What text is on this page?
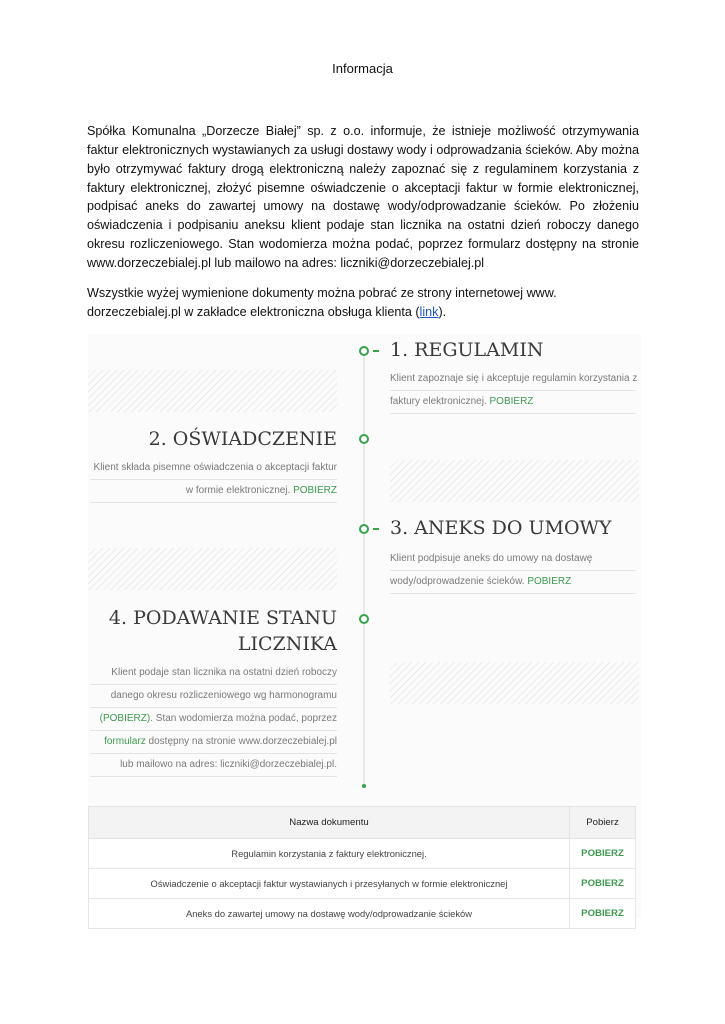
Informacja

Spółka Komunalna „Dorzecze Białej” sp. z o.o. informuje, że istnieje możliwość otrzymywania faktur elektronicznych wystawianych za usługi dostawy wody i odprowadzania ścieków. Aby można było otrzymywać faktury drogą elektroniczną należy zapoznać się z regulaminem korzystania z faktury elektronicznej, złożyć pisemne oświadczenie o akceptacji faktur w formie elektronicznej, podpisać aneks do zawartej umowy na dostawę wody/odprowadzanie ścieków. Po złożeniu oświadczenia i podpisaniu aneksu klient podaje stan licznika na ostatni dzień roboczy danego okresu rozliczeniowego. Stan wodomierza można podać, poprzez formularz dostępny na stronie www.dorzeczebialej.pl lub mailowo na adres: liczniki@dorzeczebialej.pl

Wszystkie wyżej wymienione dokumenty można pobrać ze strony internetowej www. dorzeczebialej.pl w zakładce elektroniczna obsługa klienta (link).

1. REGULAMIN
Klient zapoznaje się i akceptuje regulamin korzystania z
faktury elektronicznej. POBIERZ
2. OŚWIADCZENIE
Klient składa pisemne oświadczenia o akceptacji faktur
w formie elektronicznej. POBIERZ
3. ANEKS DO UMOWY
Klient podpisuje aneks do umowy na dostawę
wody/odprowadzenie ścieków. POBIERZ
4. PODAWANIE STANU
LICZNIKA
Klient podaje stan licznika na ostatni dzień roboczy
danego okresu rozliczeniowego wg harmonogramu
(POBIERZ). Stan wodomierza można podać, poprzez
formularz dostępny na stronie www.dorzeczebialej.pl
lub mailowo na adres: liczniki@dorzeczebialej.pl.
Nazwa dokumentu	Pobierz
Regulamin korzystania z faktury elektronicznej.	POBIERZ
Oświadczenie o akceptacji faktur wystawianych i przesyłanych w formie elektronicznej	POBIERZ
Aneks do zawartej umowy na dostawę wody/odprowadzanie ścieków	POBIERZ
